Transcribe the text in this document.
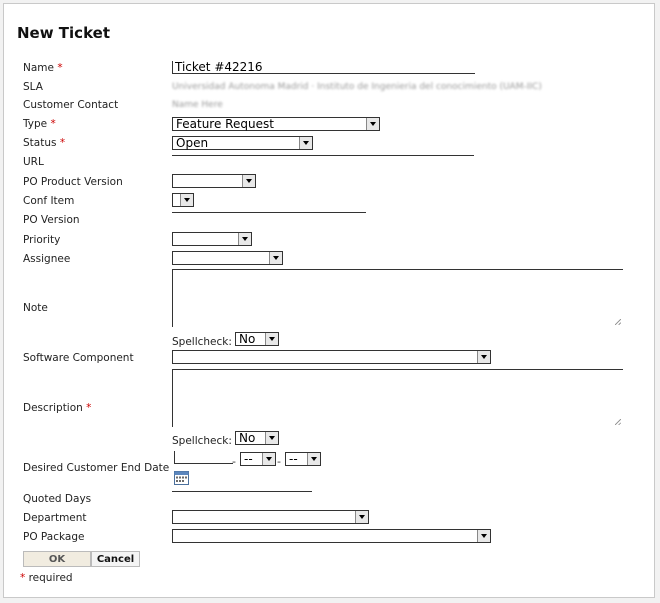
New Ticket
Name *	Ticket #42216
SLA	Universidad Autonoma Madrid · Instituto de Ingenieria del conocimiento (UAM-IIC)
Customer Contact	Name Here
Type *	Feature Request
Status *	Open
URL
PO Product Version
Conf Item
PO Version
Priority
Assignee
Note
Spellcheck: No
Software Component
Description *
Spellcheck: No
Desired Customer End Date	- --	- --
Quoted Days
Department
PO Package
OK	Cancel
* required
